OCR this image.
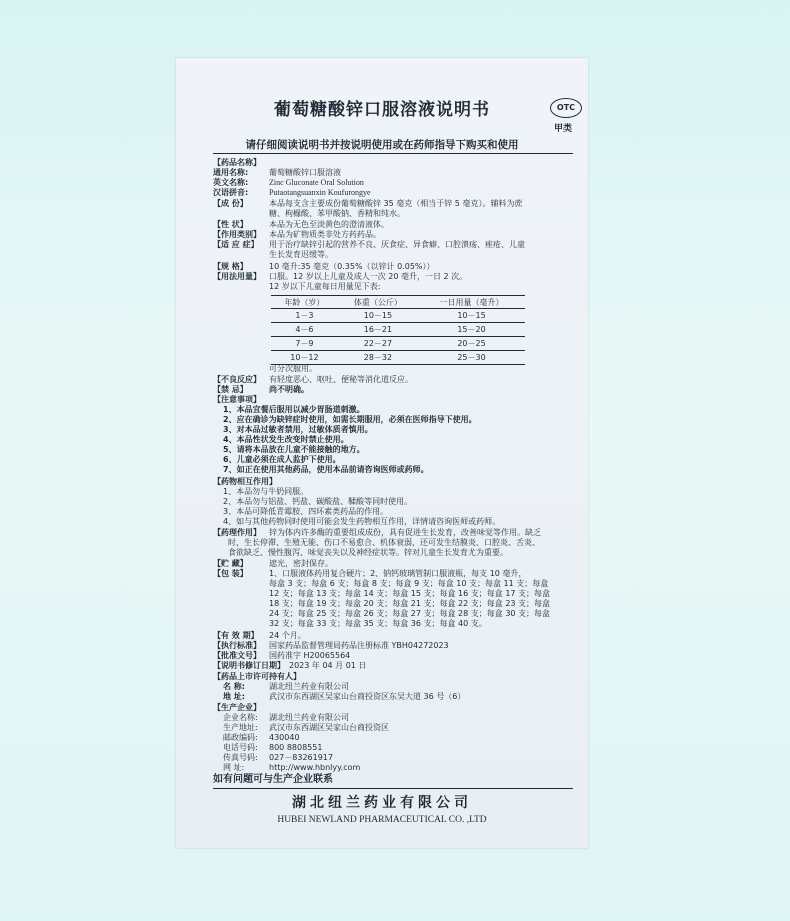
葡萄糖酸锌口服溶液说明书	OTC
甲类
请仔细阅读说明书并按说明使用或在药师指导下购买和使用
【药品名称】
通用名称:	葡萄糖酸锌口服溶液
英文名称:	Zinc Gluconate Oral Solution
汉语拼音:	Putaotangsuanxin Koufurongye
【成 份】	本品每支含主要成份葡萄糖酸锌 35 毫克（相当于锌 5 毫克）。辅料为蔗
糖、枸橼酸、苯甲酸钠、香精和纯水。
【性 状】	本品为无色至淡黄色的澄清液体。
【作用类别】 本品为矿物质类非处方药药品。
【适 应 症】 用于治疗缺锌引起的营养不良、厌食症、异食癖、口腔溃疡、痤疮、儿童
生长发育迟缓等。
【规 格】	10 毫升:35 毫克（0.35%（以锌计 0.05%））
【用法用量】 口服。12 岁以上儿童及成人一次 20 毫升，一日 2 次。
12 岁以下儿童每日用量见下表:
年龄（岁）	体重（公斤）	一日用量（毫升）
1－3	10－15	10－15
4－6	16－21	15－20
7－9	22－27	20－25
10－12	28－32	25－30
可分次服用。
【不良反应】 有轻度恶心、呕吐、便秘等消化道反应。
【禁 忌】	尚不明确。
【注意事项】
1、本品宜餐后服用以减少胃肠道刺激。
2、应在确诊为缺锌症时使用，如需长期服用，必须在医师指导下使用。
3、对本品过敏者禁用，过敏体质者慎用。
4、本品性状发生改变时禁止使用。
5、请将本品放在儿童不能接触的地方。
6、儿童必须在成人监护下使用。
7、如正在使用其他药品，使用本品前请咨询医师或药师。
【药物相互作用】
1、本品勿与牛奶同服。
2、本品勿与铝盐、钙盐、碳酸盐、鞣酸等同时使用。
3、本品可降低青霉胺、四环素类药品的作用。
4、如与其他药物同时使用可能会发生药物相互作用，详情请咨询医师或药师。
【药理作用】 锌为体内许多酶的重要组成成份，具有促进生长发育，改善味觉等作用。缺乏
时，生长停滞、生殖无能、伤口不易愈合、机体衰弱，还可发生结膜炎、口腔炎、舌炎、
食欲缺乏、慢性腹泻、味觉丧失以及神经症状等。锌对儿童生长发育尤为重要。
【贮 藏】	遮光，密封保存。
【包 装】	1、口服液体药用复合硬片；2、钠钙玻璃管制口服液瓶，每支 10 毫升，
每盒 3 支；每盒 6 支；每盒 8 支；每盒 9 支；每盒 10 支；每盒 11 支；每盒
12 支；每盒 13 支；每盒 14 支；每盒 15 支；每盒 16 支；每盒 17 支；每盒
18 支；每盒 19 支；每盒 20 支；每盒 21 支；每盒 22 支；每盒 23 支；每盒
24 支；每盒 25 支；每盒 26 支；每盒 27 支；每盒 28 支；每盒 30 支；每盒
32 支；每盒 33 支；每盒 35 支；每盒 36 支；每盒 40 支。
【有 效 期】 24 个月。
【执行标准】 国家药品监督管理局药品注册标准 YBH04272023
【批准文号】 国药准字 H20065564
【说明书修订日期】 2023 年 04 月 01 日
【药品上市许可持有人】
名 称:	湖北纽兰药业有限公司
地 址:	武汉市东西湖区吴家山台商投资区东吴大道 36 号（6）
【生产企业】
企业名称: 湖北纽兰药业有限公司
生产地址: 武汉市东西湖区吴家山台商投资区
邮政编码: 430040
电话号码: 800 8808551
传真号码: 027－83261917
网 址:	http://www.hbnlyy.com
如有问题可与生产企业联系
湖北纽兰药业有限公司
HUBEI NEWLAND PHARMACEUTICAL CO. ,LTD
